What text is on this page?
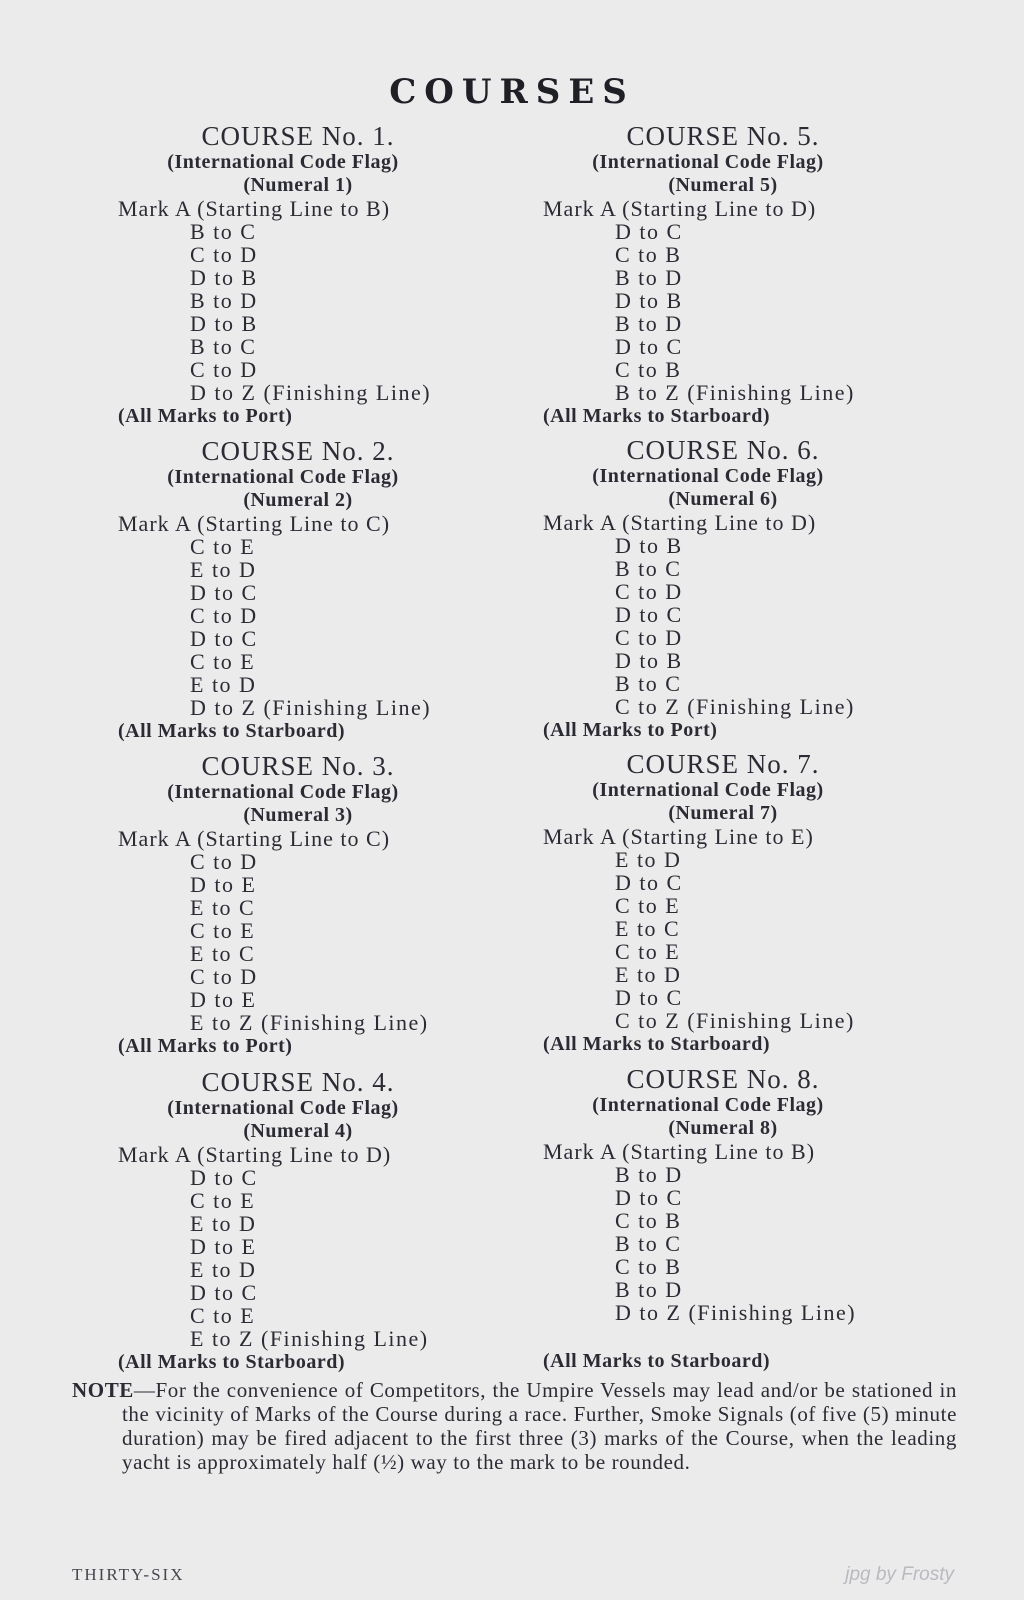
COURSES
COURSE No. 1.
(International Code Flag)
(Numeral 1)
Mark A (Starting Line to B)
B to C
C to D
D to B
B to D
D to B
B to C
C to D
D to Z (Finishing Line)
(All Marks to Port)
COURSE No. 2.
(International Code Flag)
(Numeral 2)
Mark A (Starting Line to C)
C to E
E to D
D to C
C to D
D to C
C to E
E to D
D to Z (Finishing Line)
(All Marks to Starboard)
COURSE No. 3.
(International Code Flag)
(Numeral 3)
Mark A (Starting Line to C)
C to D
D to E
E to C
C to E
E to C
C to D
D to E
E to Z (Finishing Line)
(All Marks to Port)
COURSE No. 4.
(International Code Flag)
(Numeral 4)
Mark A (Starting Line to D)
D to C
C to E
E to D
D to E
E to D
D to C
C to E
E to Z (Finishing Line)
(All Marks to Starboard)
COURSE No. 5.
(International Code Flag)
(Numeral 5)
Mark A (Starting Line to D)
D to C
C to B
B to D
D to B
B to D
D to C
C to B
B to Z (Finishing Line)
(All Marks to Starboard)
COURSE No. 6.
(International Code Flag)
(Numeral 6)
Mark A (Starting Line to D)
D to B
B to C
C to D
D to C
C to D
D to B
B to C
C to Z (Finishing Line)
(All Marks to Port)
COURSE No. 7.
(International Code Flag)
(Numeral 7)
Mark A (Starting Line to E)
E to D
D to C
C to E
E to C
C to E
E to D
D to C
C to Z (Finishing Line)
(All Marks to Starboard)
COURSE No. 8.
(International Code Flag)
(Numeral 8)
Mark A (Starting Line to B)
B to D
D to C
C to B
B to C
C to B
B to D
D to Z (Finishing Line)
(All Marks to Starboard)

NOTE—For the convenience of Competitors, the Umpire Vessels may lead and/or be stationed in the vicinity of Marks of the Course during a race. Further, Smoke Signals (of five (5) minute duration) may be fired adjacent to the first three (3) marks of the Course, when the leading yacht is approximately half (½) way to the mark to be rounded.

THIRTY-SIX	jpg by Frosty
